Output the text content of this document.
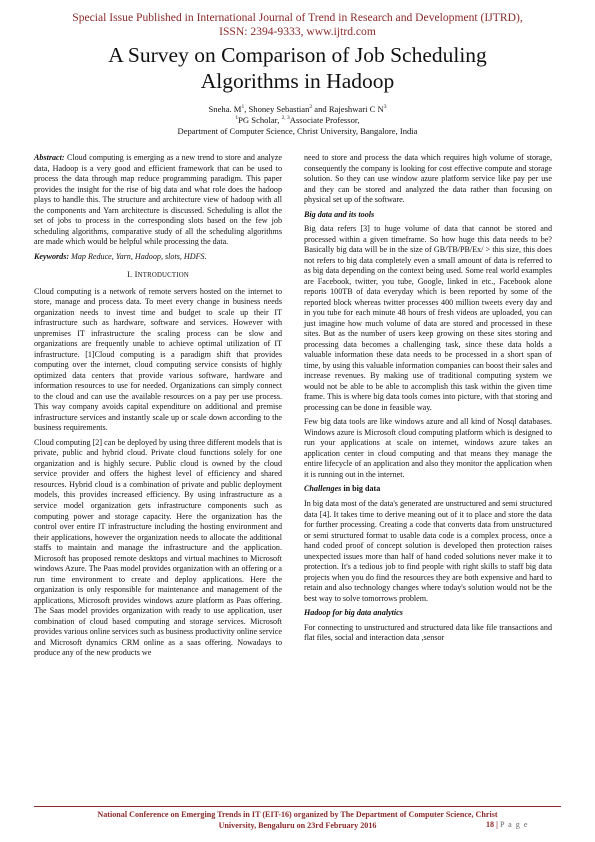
Special Issue Published in International Journal of Trend in Research and Development (IJTRD),
ISSN: 2394-9333, www.ijtrd.com
A Survey on Comparison of Job Scheduling
Algorithms in Hadoop
Sneha. $M^1$, Shoney Sebastian$^2$ and Rajeshwari C $N^3$
$^1$PG Scholar, $^{2, 3}$Associate Professor,
Department of Computer Science, Christ University, Bangalore, India

Abstract: Cloud computing is emerging as a new trend to store and analyze data, Hadoop is a very good and efficient framework that can be used to process the data through map reduce programming paradigm. This paper provides the insight for the rise of big data and what role does the hadoop plays to handle this. The structure and architecture view of hadoop with all the components and Yarn architecture is discussed. Scheduling is allot the set of jobs to process in the corresponding slots based on the few job scheduling algorithms, comparative study of all the scheduling algorithms are made which would be helpful while processing the data.

Keywords: Map Reduce, Yarn, Hadoop, slots, HDFS.

I. INTRODUCTION

Cloud computing is a network of remote servers hosted on the internet to store, manage and process data. To meet every change in business needs organization needs to invest time and budget to scale up their IT infrastructure such as hardware, software and services. However with unpremises IT infrastructure the scaling process can be slow and organizations are frequently unable to achieve optimal utilization of IT infrastructure. [1]Cloud computing is a paradigm shift that provides computing over the internet, cloud computing service consists of highly optimized data centers that provide various software, hardware and information resources to use for needed. Organizations can simply connect to the cloud and can use the available resources on a pay per use process. This way company avoids capital expenditure on additional and premise infrastructure services and instantly scale up or scale down according to the business requirements.

Cloud computing [2] can be deployed by using three different models that is private, public and hybrid cloud. Private cloud functions solely for one organization and is highly secure. Public cloud is owned by the cloud service provider and offers the highest level of efficiency and shared resources. Hybrid cloud is a combination of private and public deployment models, this provides increased efficiency. By using infrastructure as a service model organization gets infrastructure components such as computing power and storage capacity. Here the organization has the control over entire IT infrastructure including the hosting environment and their applications, however the organization needs to allocate the additional staffs to maintain and manage the infrastructure and the application. Microsoft has proposed remote desktops and virtual machines to Microsoft windows Azure. The Paas model provides organization with an offering or a run time environment to create and deploy applications. Here the organization is only responsible for maintenance and management of the applications, Microsoft provides windows azure platform as Paas offering. The Saas model provides organization with ready to use application, user combination of cloud based computing and storage services. Microsoft provides various online services such as business productivity online service and Microsoft dynamics CRM online as a saas offering. Nowadays to produce any of the new products we

need to store and process the data which requires high volume of storage, consequently the company is looking for cost effective compute and storage solution. So they can use window azure platform service like pay per use and they can be stored and analyzed the data rather than focusing on physical set up of the software.

Big data and its tools

Big data refers [3] to huge volume of data that cannot be stored and processed within a given timeframe. So how huge this data needs to be? Basically big data will be in the size of GB/TB/PB/Ex/ > this size, this does not refers to big data completely even a small amount of data is referred to as big data depending on the context being used. Some real world examples are Facebook, twitter, you tube, Google, linked in etc., Facebook alone reports 100TB of data everyday which is been reported by some of the reported block whereas twitter processes 400 million tweets every day and in you tube for each minute 48 hours of fresh videos are uploaded, you can just imagine how much volume of data are stored and processed in these sites. But as the number of users keep growing on these sites storing and processing data becomes a challenging task, since these data holds a valuable information these data needs to be processed in a short span of time, by using this valuable information companies can boost their sales and increase revenues. By making use of traditional computing system we would not be able to be able to accomplish this task within the given time frame. This is where big data tools comes into picture, with that storing and processing can be done in feasible way.

Few big data tools are like windows azure and all kind of Nosql databases. Windows azure is Microsoft cloud computing platform which is designed to run your applications at scale on internet, windows azure takes an application center in cloud computing and that means they manage the entire lifecycle of an application and also they monitor the application when it is running out in the internet.

Challenges in big data

In big data most of the data's generated are unstructured and semi structured data [4]. It takes time to derive meaning out of it to place and store the data for further processing. Creating a code that converts data from unstructured or semi structured format to usable data code is a complex process, once a hand coded proof of concept solution is developed then protection raises unexpected issues more than half of hand coded solutions never make it to protection. It's a tedious job to find people with right skills to staff big data projects when you do find the resources they are both expensive and hard to retain and also technology changes where today's solution would not be the best way to solve tomorrows problem.

Hadoop for big data analytics

For connecting to unstructured and structured data like file transactions and flat files, social and interaction data ,sensor

National Conference on Emerging Trends in IT (EIT-16) organized by The Department of Computer Science, Christ
University, Bengaluru on 23rd February 2016	18 | P a g e
